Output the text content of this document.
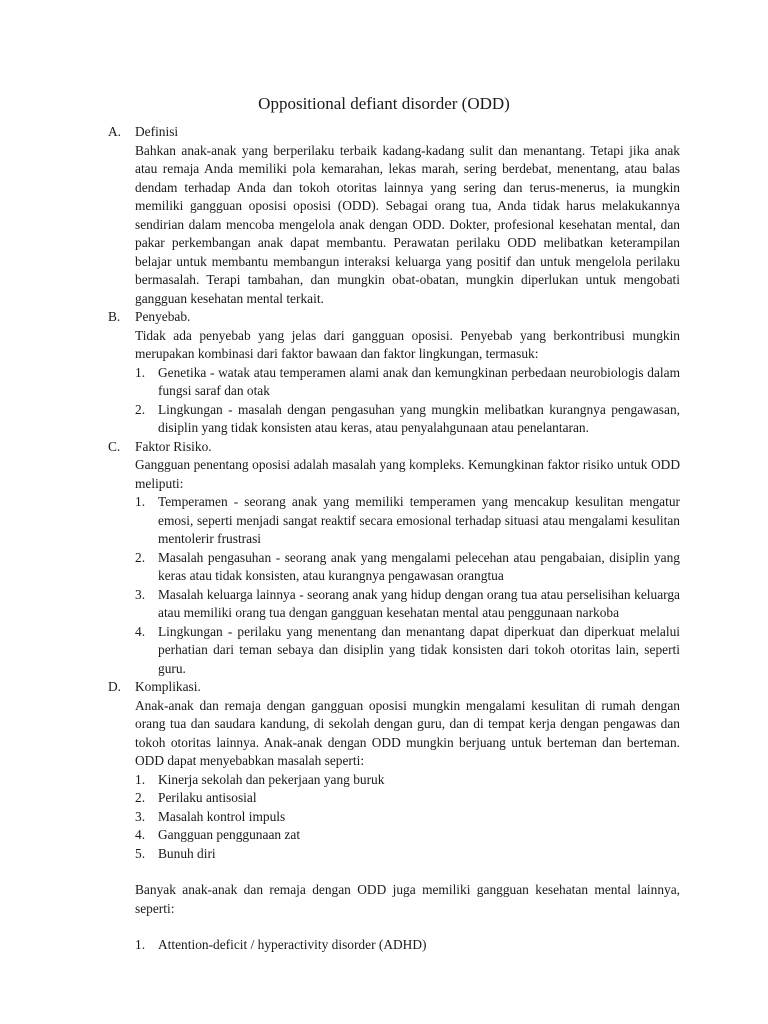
Oppositional defiant disorder (ODD)
A. Definisi
Bahkan anak-anak yang berperilaku terbaik kadang-kadang sulit dan menantang. Tetapi jika anak atau remaja Anda memiliki pola kemarahan, lekas marah, sering berdebat, menentang, atau balas dendam terhadap Anda dan tokoh otoritas lainnya yang sering dan terus-menerus, ia mungkin memiliki gangguan oposisi oposisi (ODD). Sebagai orang tua, Anda tidak harus melakukannya sendirian dalam mencoba mengelola anak dengan ODD. Dokter, profesional kesehatan mental, dan pakar perkembangan anak dapat membantu. Perawatan perilaku ODD melibatkan keterampilan belajar untuk membantu membangun interaksi keluarga yang positif dan untuk mengelola perilaku bermasalah. Terapi tambahan, dan mungkin obat-obatan, mungkin diperlukan untuk mengobati gangguan kesehatan mental terkait.
B. Penyebab.
Tidak ada penyebab yang jelas dari gangguan oposisi. Penyebab yang berkontribusi mungkin merupakan kombinasi dari faktor bawaan dan faktor lingkungan, termasuk:
1. Genetika - watak atau temperamen alami anak dan kemungkinan perbedaan neurobiologis dalam fungsi saraf dan otak
2. Lingkungan - masalah dengan pengasuhan yang mungkin melibatkan kurangnya pengawasan, disiplin yang tidak konsisten atau keras, atau penyalahgunaan atau penelantaran.
C. Faktor Risiko.
Gangguan penentang oposisi adalah masalah yang kompleks. Kemungkinan faktor risiko untuk ODD meliputi:
1. Temperamen - seorang anak yang memiliki temperamen yang mencakup kesulitan mengatur emosi, seperti menjadi sangat reaktif secara emosional terhadap situasi atau mengalami kesulitan mentolerir frustrasi
2. Masalah pengasuhan - seorang anak yang mengalami pelecehan atau pengabaian, disiplin yang keras atau tidak konsisten, atau kurangnya pengawasan orangtua
3. Masalah keluarga lainnya - seorang anak yang hidup dengan orang tua atau perselisihan keluarga atau memiliki orang tua dengan gangguan kesehatan mental atau penggunaan narkoba
4. Lingkungan - perilaku yang menentang dan menantang dapat diperkuat dan diperkuat melalui perhatian dari teman sebaya dan disiplin yang tidak konsisten dari tokoh otoritas lain, seperti guru.
D. Komplikasi.
Anak-anak dan remaja dengan gangguan oposisi mungkin mengalami kesulitan di rumah dengan orang tua dan saudara kandung, di sekolah dengan guru, dan di tempat kerja dengan pengawas dan tokoh otoritas lainnya. Anak-anak dengan ODD mungkin berjuang untuk berteman dan berteman. ODD dapat menyebabkan masalah seperti:
1. Kinerja sekolah dan pekerjaan yang buruk
2. Perilaku antisosial
3. Masalah kontrol impuls
4. Gangguan penggunaan zat
5. Bunuh diri
Banyak anak-anak dan remaja dengan ODD juga memiliki gangguan kesehatan mental lainnya, seperti:
1. Attention-deficit / hyperactivity disorder (ADHD)
